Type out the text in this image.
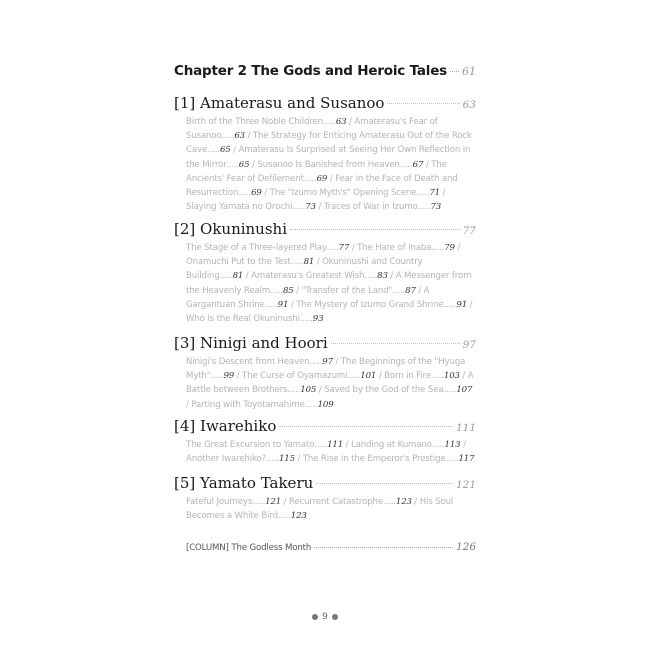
Chapter 2 The Gods and Heroic Tales 61
[1] Amaterasu and Susanoo	63
Birth of the Three Noble Children.....63 / Amaterasu's Fear of Susanoo.....63 / The Strategy for Enticing Amaterasu Out of the Rock Cave.....65 / Amaterasu Is Surprised at Seeing Her Own Reflection in the Mirror.....65 / Susanoo Is Banished from Heaven.....67 / The Ancients' Fear of Defilement.....69 / Fear in the Face of Death and Resurrection.....69 / The "Izumo Myth's" Opening Scene.....71 / Slaying Yamata no Orochi.....73 / Traces of War in Izumo.....73
[2] Okuninushi	77
The Stage of a Three-layered Play.....77 / The Hare of Inaba.....79 / Onamuchi Put to the Test.....81 / Okuninushi and Country Building.....81 / Amaterasu's Greatest Wish.....83 / A Messenger from the Heavenly Realm.....85 / "Transfer of the Land".....87 / A Gargantuan Shrine.....91 / The Mystery of Izumo Grand Shrine.....91 / Who Is the Real Okuninushi.....93
[3] Ninigi and Hoori	97
Ninigi's Descent from Heaven.....97 / The Beginnings of the "Hyuga Myth".....99 / The Curse of Oyamazumi.....101 / Born in Fire.....103 / A Battle between Brothers.....105 / Saved by the God of the Sea.....107 / Parting with Toyotamahime.....109
[4] Iwarehiko	111
The Great Excursion to Yamato.....111 / Landing at Kumano.....113 / Another Iwarehiko?.....115 / The Rise in the Emperor's Prestige.....117
[5] Yamato Takeru	121
Fateful Journeys.....121 / Recurrent Catastrophe.....123 / His Soul Becomes a White Bird.....123
[COLUMN] The Godless Month	126
9
